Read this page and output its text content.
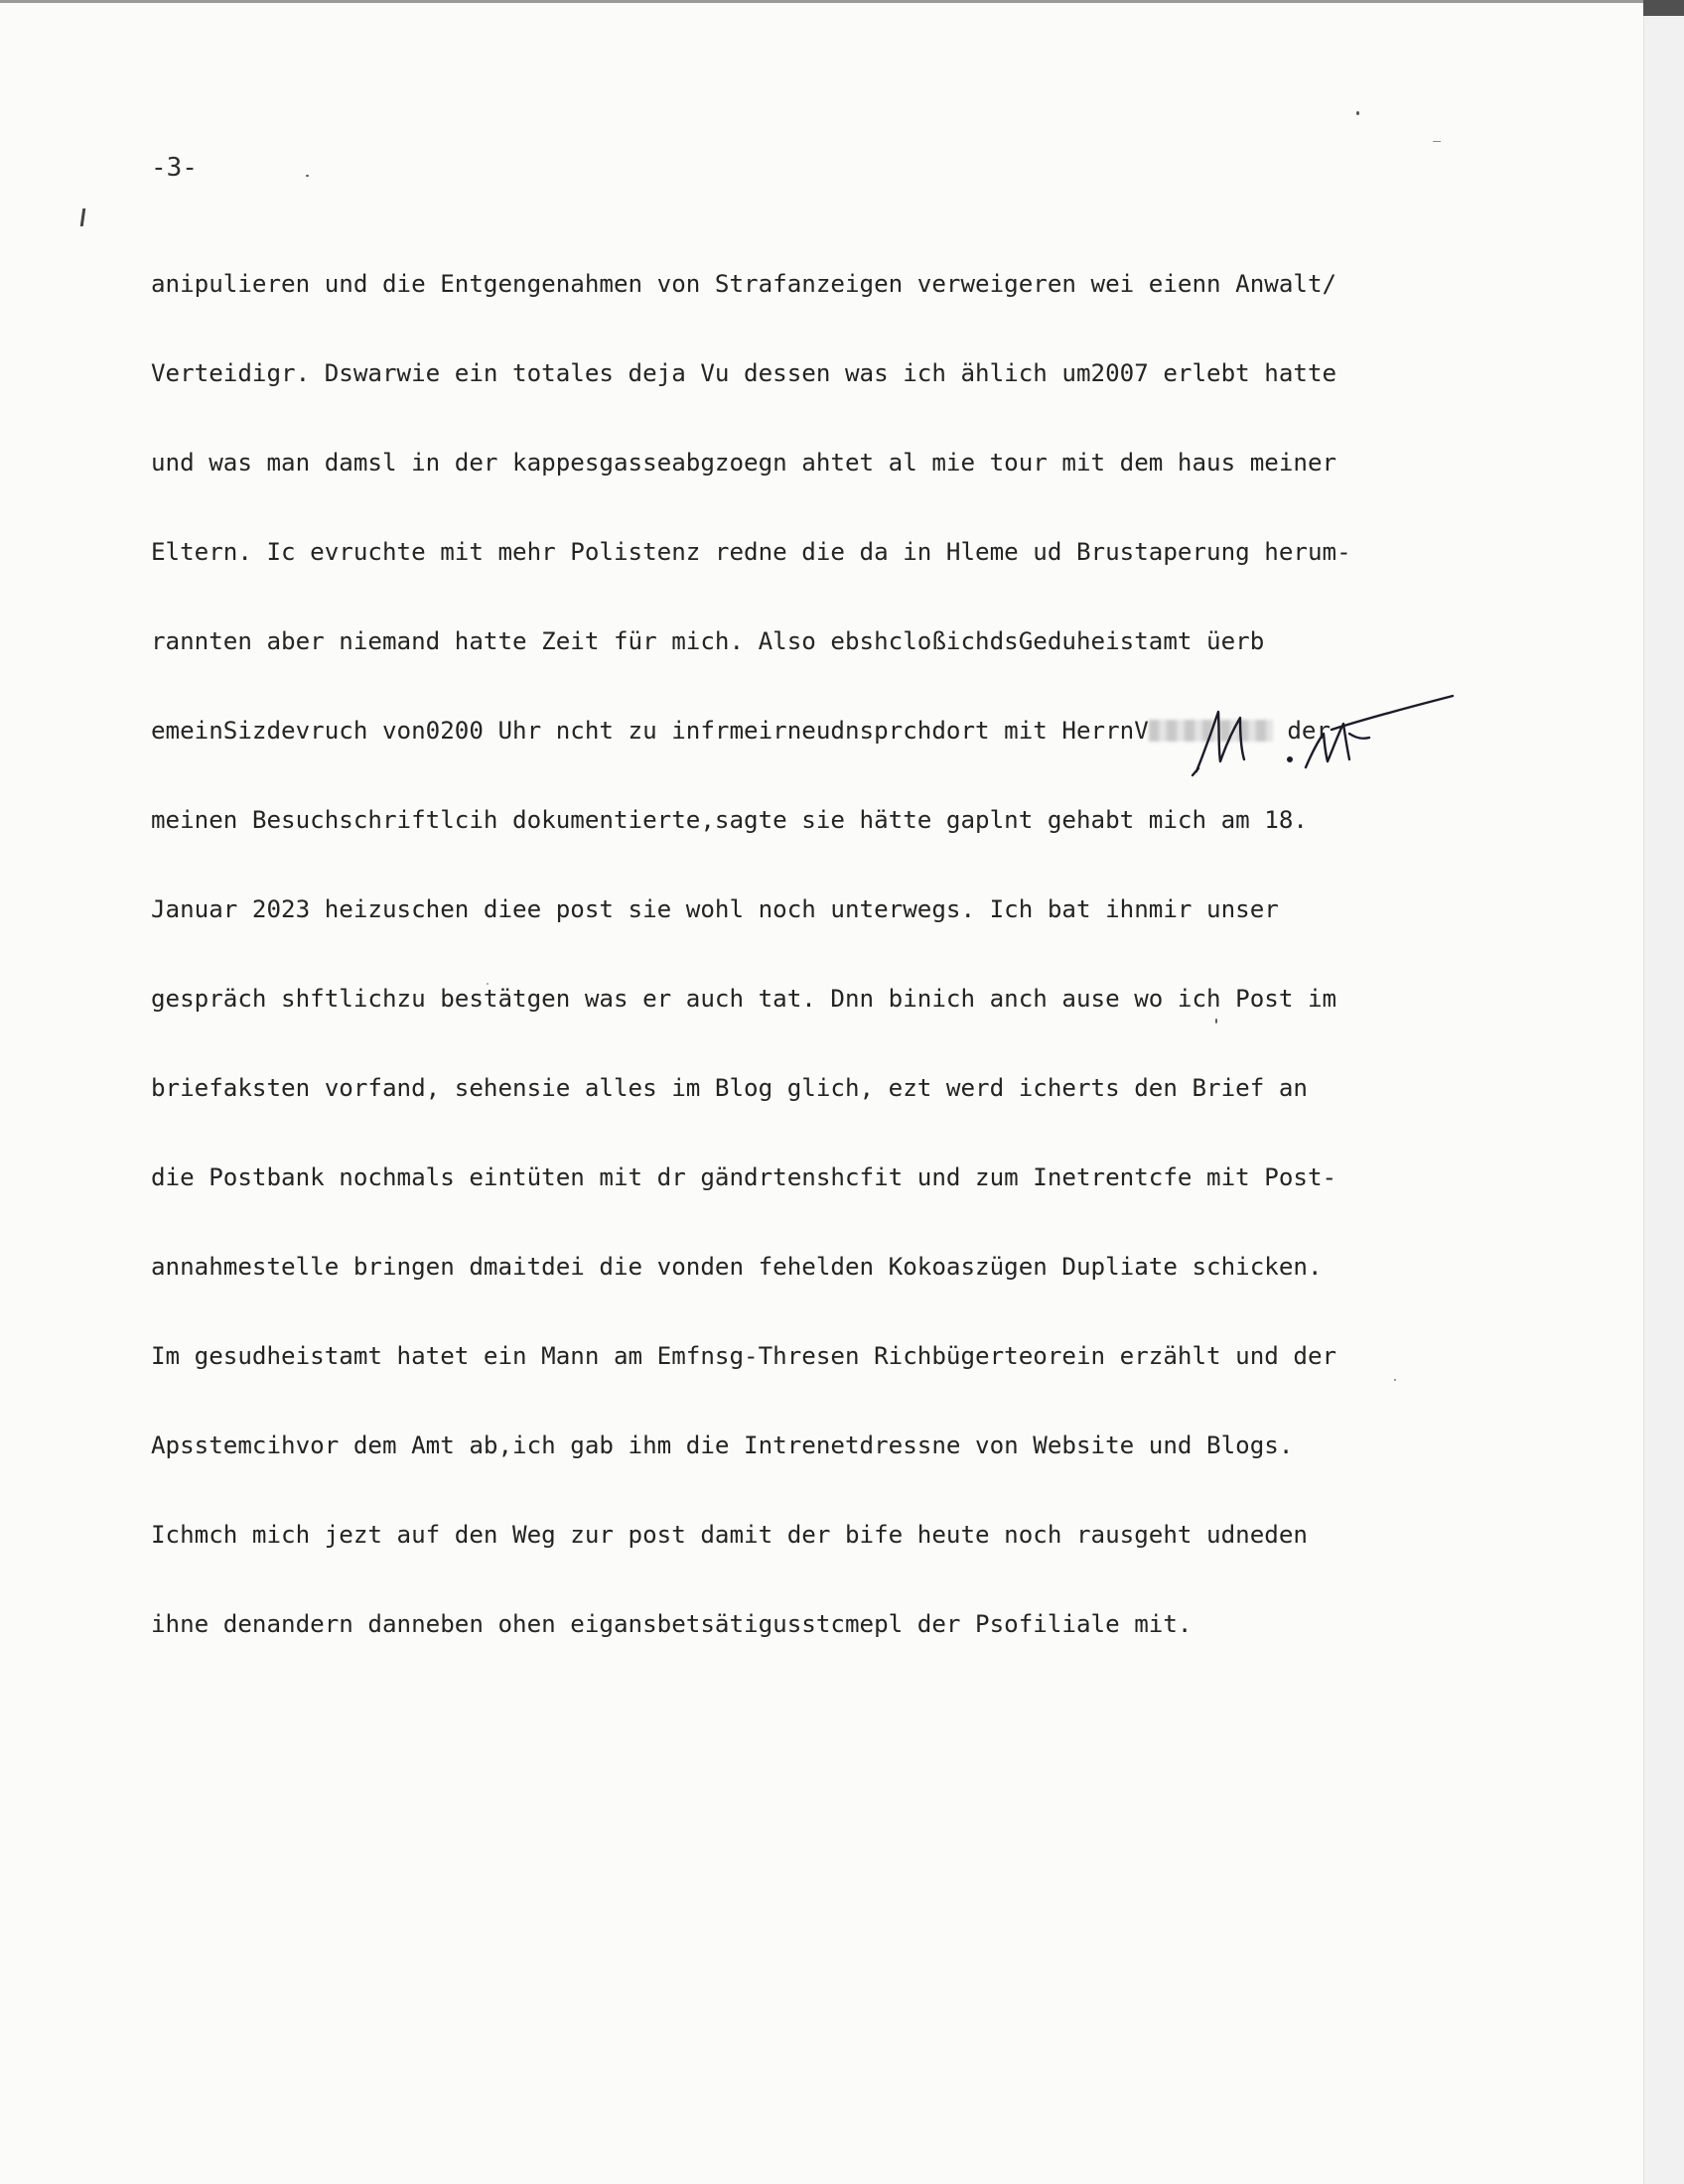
-3-

anipulieren und die Entgengenahmen von Strafanzeigen verweigeren wei eienn Anwalt/

Verteidigr. Dswarwie ein totales deja Vu dessen was ich ählich um2007 erlebt hatte

und was man damsl in der kappesgasseabgzoegn ahtet al mie tour mit dem haus meiner

Eltern. Ic evruchte mit mehr Polistenz redne die da in Hleme ud Brustaperung herum-

rannten aber niemand hatte Zeit für mich. Also ebshcloßichdsGeduheistamt üerb

emeinSizdevruch von0200 Uhr ncht zu infrmeirneudnsprchdort mit HerrnV	der

meinen Besuchschriftlcih dokumentierte,sagte sie hätte gaplnt gehabt mich am 18.

Januar 2023 heizuschen diee post sie wohl noch unterwegs. Ich bat ihnmir unser

gespräch shftlichzu bestätgen was er auch tat. Dnn binich anch ause wo ich Post im

briefaksten vorfand, sehensie alles im Blog glich, ezt werd icherts den Brief an

die Postbank nochmals eintüten mit dr gändrtenshcfit und zum Inetrentcfe mit Post-

annahmestelle bringen dmaitdei die vonden fehelden Kokoaszügen Dupliate schicken.

Im gesudheistamt hatet ein Mann am Emfnsg-Thresen Richbügerteorein erzählt und der

Apsstemcihvor dem Amt ab,ich gab ihm die Intrenetdressne von Website und Blogs.

Ichmch mich jezt auf den Weg zur post damit der bife heute noch rausgeht udneden

ihne denandern danneben ohen eigansbetsätigusstcmepl der Psofiliale mit.
